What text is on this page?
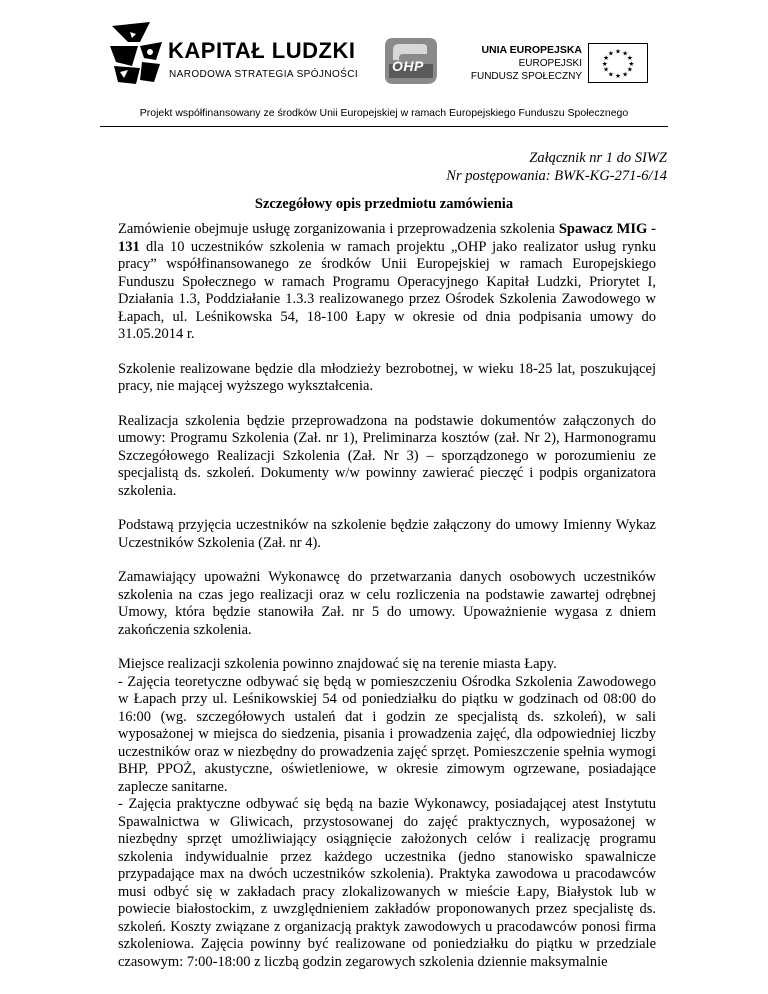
KAPITAŁ LUDZKI
NARODOWA STRATEGIA SPÓJNOŚCI
OHP
UNIA EUROPEJSKA
EUROPEJSKI
FUNDUSZ SPOŁECZNY
★ ★
★
★
★
★
★
★
★
★
★
★
Projekt współfinansowany ze środków Unii Europejskiej w ramach Europejskiego Funduszu Społecznego
Załącznik nr 1 do SIWZ
Nr postępowania: BWK-KG-271-6/14
Szczegółowy opis przedmiotu zamówienia

Zamówienie obejmuje usługę zorganizowania i przeprowadzenia szkolenia Spawacz MIG - 131 dla 10 uczestników szkolenia w ramach projektu „OHP jako realizator usług rynku pracy” współfinansowanego ze środków Unii Europejskiej w ramach Europejskiego Funduszu Społecznego w ramach Programu Operacyjnego Kapitał Ludzki, Priorytet I, Działania 1.3, Poddziałanie 1.3.3 realizowanego przez Ośrodek Szkolenia Zawodowego w Łapach, ul. Leśnikowska 54, 18-100 Łapy w okresie od dnia podpisania umowy do 31.05.2014 r.

Szkolenie realizowane będzie dla młodzieży bezrobotnej, w wieku 18-25 lat, poszukującej pracy, nie mającej wyższego wykształcenia.

Realizacja szkolenia będzie przeprowadzona na podstawie dokumentów załączonych do umowy: Programu Szkolenia (Zał. nr 1), Preliminarza kosztów (zał. Nr 2), Harmonogramu Szczegółowego Realizacji Szkolenia (Zał. Nr 3) – sporządzonego w porozumieniu ze specjalistą ds. szkoleń. Dokumenty w/w powinny zawierać pieczęć i podpis organizatora szkolenia.

Podstawą przyjęcia uczestników na szkolenie będzie załączony do umowy Imienny Wykaz Uczestników Szkolenia (Zał. nr 4).

Zamawiający upoważni Wykonawcę do przetwarzania danych osobowych uczestników szkolenia na czas jego realizacji oraz w celu rozliczenia na podstawie zawartej odrębnej Umowy, która będzie stanowiła Zał. nr 5 do umowy. Upoważnienie wygasa z dniem zakończenia szkolenia.

Miejsce realizacji szkolenia powinno znajdować się na terenie miasta Łapy.

- Zajęcia teoretyczne odbywać się będą w pomieszczeniu Ośrodka Szkolenia Zawodowego w Łapach przy ul. Leśnikowskiej 54 od poniedziałku do piątku w godzinach od 08:00 do 16:00 (wg. szczegółowych ustaleń dat i godzin ze specjalistą ds. szkoleń), w sali wyposażonej w miejsca do siedzenia, pisania i prowadzenia zajęć, dla odpowiedniej liczby uczestników oraz w niezbędny do prowadzenia zajęć sprzęt. Pomieszczenie spełnia wymogi BHP, PPOŻ, akustyczne, oświetleniowe, w okresie zimowym ogrzewane, posiadające zaplecze sanitarne.

- Zajęcia praktyczne odbywać się będą na bazie Wykonawcy, posiadającej atest Instytutu Spawalnictwa w Gliwicach, przystosowanej do zajęć praktycznych, wyposażonej w niezbędny sprzęt umożliwiający osiągnięcie założonych celów i realizację programu szkolenia indywidualnie przez każdego uczestnika (jedno stanowisko spawalnicze przypadające max na dwóch uczestników szkolenia). Praktyka zawodowa u pracodawców musi odbyć się w zakładach pracy zlokalizowanych w mieście Łapy, Białystok lub w powiecie białostockim, z uwzględnieniem zakładów proponowanych przez specjalistę ds. szkoleń. Koszty związane z organizacją praktyk zawodowych u pracodawców ponosi firma szkoleniowa. Zajęcia powinny być realizowane od poniedziałku do piątku w przedziale czasowym: 7:00-18:00 z liczbą godzin zegarowych szkolenia dziennie maksymalnie
